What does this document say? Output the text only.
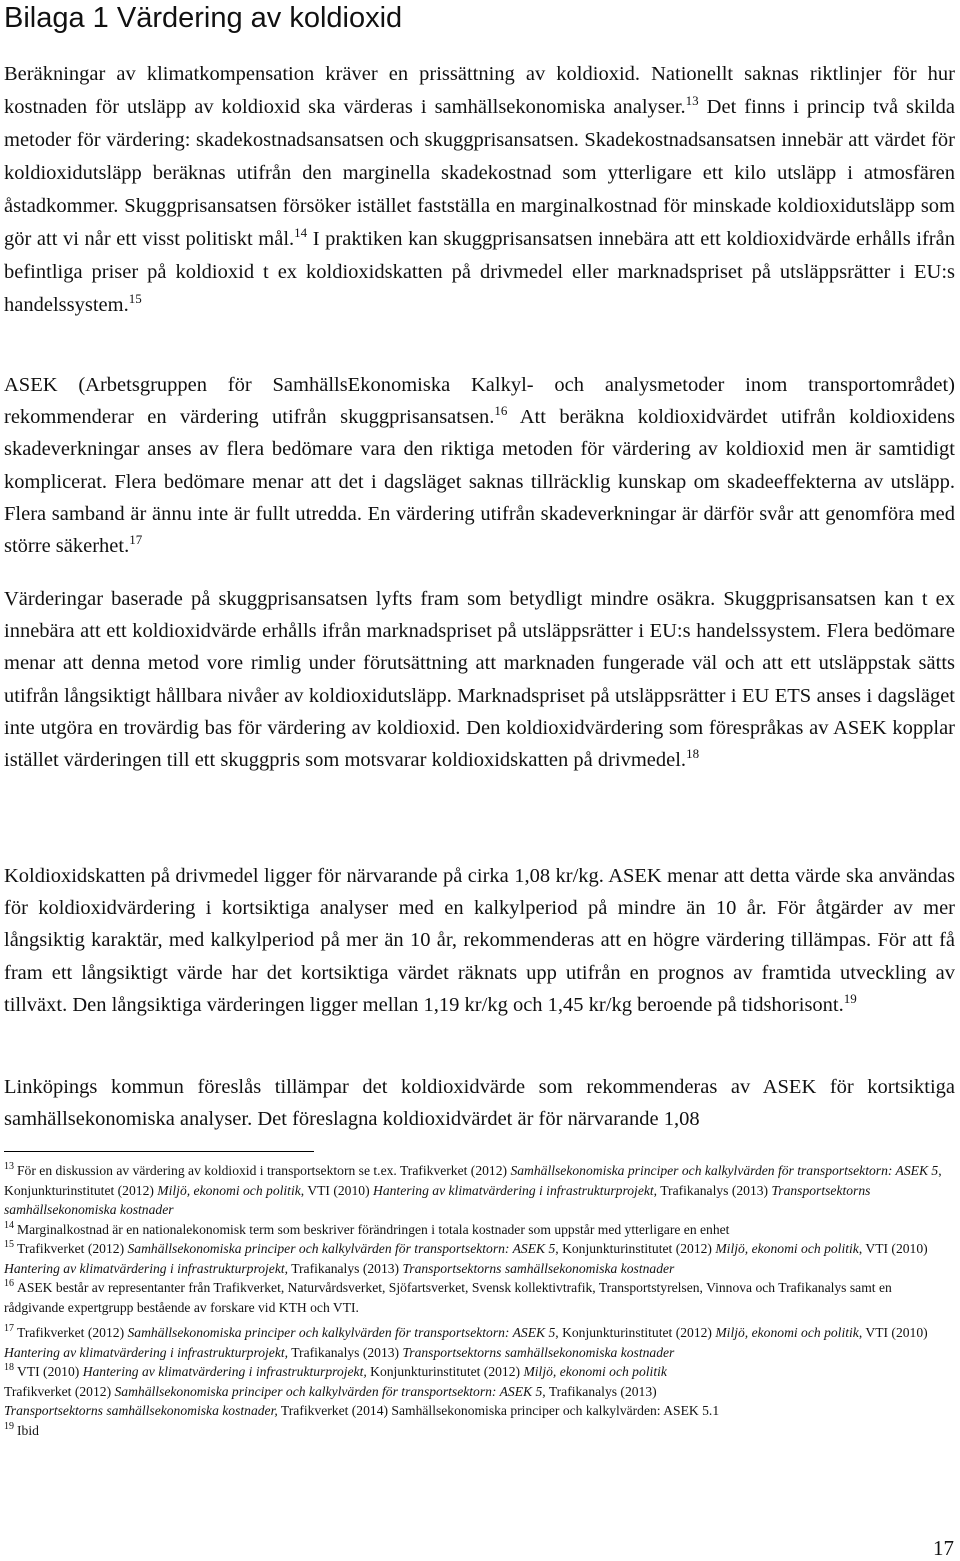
Bilaga 1 Värdering av koldioxid

Beräkningar av klimatkompensation kräver en prissättning av koldioxid. Nationellt saknas riktlinjer för hur kostnaden för utsläpp av koldioxid ska värderas i samhällsekonomiska analyser.$^{13}$ Det finns i princip två skilda metoder för värdering: skadekostnadsansatsen och skuggprisansatsen. Skadekostnadsansatsen innebär att värdet för koldioxidutsläpp beräknas utifrån den marginella skadekostnad som ytterligare ett kilo utsläpp i atmosfären åstadkommer. Skuggprisansatsen försöker istället fastställa en marginalkostnad för minskade koldioxidutsläpp som gör att vi når ett visst politiskt mål.$^{14}$ I praktiken kan skuggprisansatsen innebära att ett koldioxidvärde erhålls ifrån befintliga priser på koldioxid t ex koldioxidskatten på drivmedel eller marknadspriset på utsläppsrätter i EU:s handelssystem.$^{15}$

ASEK (Arbetsgruppen för SamhällsEkonomiska Kalkyl- och analysmetoder inom transportområdet) rekommenderar en värdering utifrån skuggprisansatsen.$^{16}$ Att beräkna koldioxidvärdet utifrån koldioxidens skadeverkningar anses av flera bedömare vara den riktiga metoden för värdering av koldioxid men är samtidigt komplicerat. Flera bedömare menar att det i dagsläget saknas tillräcklig kunskap om skadeeffekterna av utsläpp. Flera samband är ännu inte är fullt utredda. En värdering utifrån skadeverkningar är därför svår att genomföra med större säkerhet.$^{17}$

Värderingar baserade på skuggprisansatsen lyfts fram som betydligt mindre osäkra. Skuggprisansatsen kan t ex innebära att ett koldioxidvärde erhålls ifrån marknadspriset på utsläppsrätter i EU:s handelssystem. Flera bedömare menar att denna metod vore rimlig under förutsättning att marknaden fungerade väl och att ett utsläppstak sätts utifrån långsiktigt hållbara nivåer av koldioxidutsläpp. Marknadspriset på utsläppsrätter i EU ETS anses i dagsläget inte utgöra en trovärdig bas för värdering av koldioxid. Den koldioxidvärdering som förespråkas av ASEK kopplar istället värderingen till ett skuggpris som motsvarar koldioxidskatten på drivmedel.$^{18}$

Koldioxidskatten på drivmedel ligger för närvarande på cirka 1,08 kr/kg. ASEK menar att detta värde ska användas för koldioxidvärdering i kortsiktiga analyser med en kalkylperiod på mindre än 10 år. För åtgärder av mer långsiktig karaktär, med kalkylperiod på mer än 10 år, rekommenderas att en högre värdering tillämpas. För att få fram ett långsiktigt värde har det kortsiktiga värdet räknats upp utifrån en prognos av framtida utveckling av tillväxt. Den långsiktiga värderingen ligger mellan 1,19 kr/kg och 1,45 kr/kg beroende på tidshorisont.$^{19}$

Linköpings kommun föreslås tillämpar det koldioxidvärde som rekommenderas av ASEK för kortsiktiga samhällsekonomiska analyser. Det föreslagna koldioxidvärdet är för närvarande 1,08

$^{13}$ För en diskussion av värdering av koldioxid i transportsektorn se t.ex. Trafikverket (2012) Samhällsekonomiska principer och kalkylvärden för transportsektorn: ASEK 5, Konjunkturinstitutet (2012) Miljö, ekonomi och politik, VTI (2010) Hantering av klimatvärdering i infrastrukturprojekt, Trafikanalys (2013) Transportsektorns samhällsekonomiska kostnader

$^{14}$ Marginalkostnad är en nationalekonomisk term som beskriver förändringen i totala kostnader som uppstår med ytterligare en enhet

$^{15}$ Trafikverket (2012) Samhällsekonomiska principer och kalkylvärden för transportsektorn: ASEK 5, Konjunkturinstitutet (2012) Miljö, ekonomi och politik, VTI (2010) Hantering av klimatvärdering i infrastrukturprojekt, Trafikanalys (2013) Transportsektorns samhällsekonomiska kostnader

$^{16}$ ASEK består av representanter från Trafikverket, Naturvårdsverket, Sjöfartsverket, Svensk kollektivtrafik, Transportstyrelsen, Vinnova och Trafikanalys samt en rådgivande expertgrupp bestående av forskare vid KTH och VTI.

$^{17}$ Trafikverket (2012) Samhällsekonomiska principer och kalkylvärden för transportsektorn: ASEK 5, Konjunkturinstitutet (2012) Miljö, ekonomi och politik, VTI (2010) Hantering av klimatvärdering i infrastrukturprojekt, Trafikanalys (2013) Transportsektorns samhällsekonomiska kostnader

$^{18}$ VTI (2010) Hantering av klimatvärdering i infrastrukturprojekt, Konjunkturinstitutet (2012) Miljö, ekonomi och politik
Trafikverket (2012) Samhällsekonomiska principer och kalkylvärden för transportsektorn: ASEK 5, Trafikanalys (2013)
Transportsektorns samhällsekonomiska kostnader, Trafikverket (2014) Samhällsekonomiska principer och kalkylvärden: ASEK 5.1

$^{19}$ Ibid

17
